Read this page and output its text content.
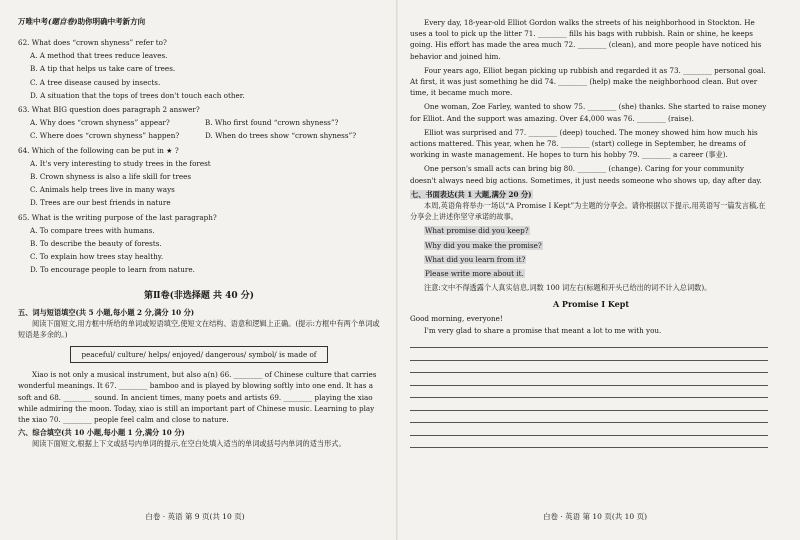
万唯中考(题自卷)助你明确中考新方向
62. What does “crown shyness” refer to?
A. A method that trees reduce leaves.
B. A tip that helps us take care of trees.
C. A tree disease caused by insects.
D. A situation that the tops of trees don't touch each other.
63. What BIG question does paragraph 2 answer?
A. Why does “crown shyness” appear?	B. Who first found “crown shyness”?
C. Where does “crown shyness” happen?	D. When do trees show “crown shyness”?
64. Which of the following can be put in ★ ?
A. It's very interesting to study trees in the forest
B. Crown shyness is also a life skill for trees
C. Animals help trees live in many ways
D. Trees are our best friends in nature
65. What is the writing purpose of the last paragraph?
A. To compare trees with humans.
B. To describe the beauty of forests.
C. To explain how trees stay healthy.
D. To encourage people to learn from nature.
第Ⅱ卷(非选择题 共 40 分)
五、词与短语填空(共 5 小题,每小题 2 分,满分 10 分)
阅读下面短文,用方框中所给的单词或短语填空,使短文在结构、语意和逻辑上正确。(提示:方框中有两个单词或短语是多余的。)
peaceful/ culture/ helps/ enjoyed/ dangerous/ symbol/ is made of
Xiao is not only a musical instrument, but also a(n) 66. ________ of Chinese culture that carries wonderful meanings. It 67. ________ bamboo and is played by blowing softly into one end. It has a soft and 68. ________ sound. In ancient times, many poets and artists 69. ________ playing the xiao while admiring the moon. Today, xiao is still an important part of Chinese music. Learning to play the xiao 70. ________ people feel calm and close to nature.
六、综合填空(共 10 小题,每小题 1 分,满分 10 分)
阅读下面短文,根据上下文或括号内单词的提示,在空白处填入适当的单词或括号内单词的适当形式。
白卷 · 英语 第 9 页(共 10 页)
Every day, 18-year-old Elliot Gordon walks the streets of his neighborhood in Stockton. He uses a tool to pick up the litter 71. ________ fills his bags with rubbish. Rain or shine, he keeps going. His effort has made the area much 72. ________ (clean), and more people have noticed his behavior and joined him.
Four years ago, Elliot began picking up rubbish and regarded it as 73. ________ personal goal. At first, it was just something he did 74. ________ (help) make the neighborhood clean. But over time, it became much more.
One woman, Zoe Farley, wanted to show 75. ________ (she) thanks. She started to raise money for Elliot. And the support was amazing. Over £4,000 was 76. ________ (raise).
Elliot was surprised and 77. ________ (deep) touched. The money showed him how much his actions mattered. This year, when he 78. ________ (start) college in September, he dreams of working in waste management. He hopes to turn his hobby 79. ________ a career (事业).
One person's small acts can bring big 80. ________ (change). Caring for your community doesn't always need big actions. Sometimes, it just needs someone who shows up, day after day.
七、书面表达(共 1 大题,满分 20 分)
本周,英语角将举办一场以“A Promise I Kept”为主题的分享会。请你根据以下提示,用英语写一篇发言稿,在分享会上讲述你坚守承诺的故事。
What promise did you keep?
Why did you make the promise?
What did you learn from it?
Please write more about it.
注意:文中不得透露个人真实信息,词数 100 词左右(标题和开头已给出的词不计入总词数)。
A Promise I Kept
Good morning, everyone!
I'm very glad to share a promise that meant a lot to me with you.
白卷 · 英语 第 10 页(共 10 页)
